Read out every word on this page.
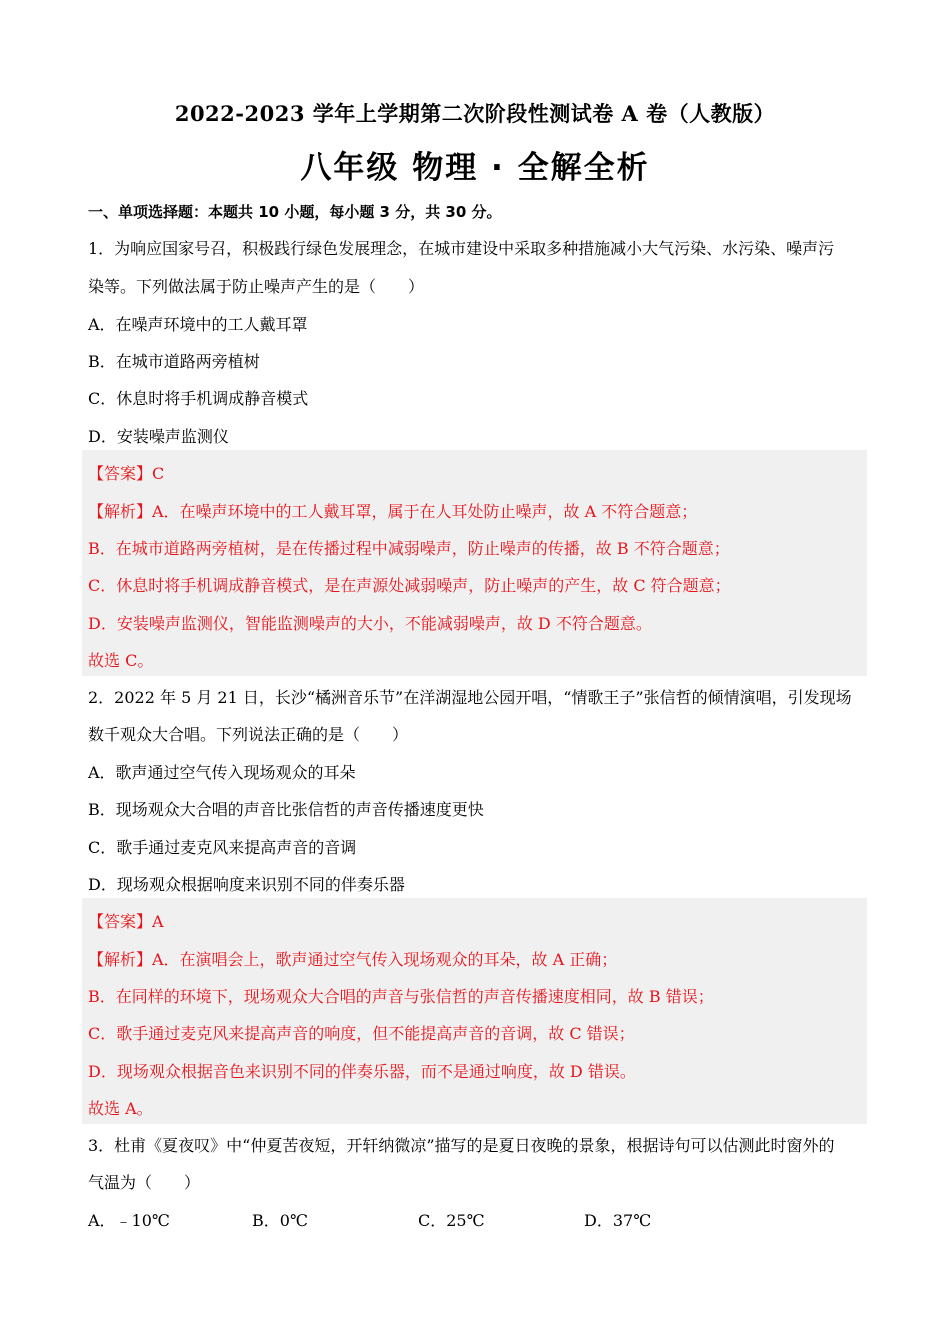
2022-2023 学年上学期第二次阶段性测试卷 A 卷（人教版）
八年级 物理 · 全解全析
一、单项选择题：本题共 10 小题，每小题 3 分，共 30 分。
1．为响应国家号召，积极践行绿色发展理念，在城市建设中采取多种措施减小大气污染、水污染、噪声污
染等。下列做法属于防止噪声产生的是（　　）
A．在噪声环境中的工人戴耳罩
B．在城市道路两旁植树
C．休息时将手机调成静音模式
D．安装噪声监测仪
【答案】C
【解析】A．在噪声环境中的工人戴耳罩，属于在人耳处防止噪声，故 A 不符合题意；
B．在城市道路两旁植树，是在传播过程中减弱噪声，防止噪声的传播，故 B 不符合题意；
C．休息时将手机调成静音模式，是在声源处减弱噪声，防止噪声的产生，故 C 符合题意；
D．安装噪声监测仪，智能监测噪声的大小，不能减弱噪声，故 D 不符合题意。
故选 C。
2．2022 年 5 月 21 日，长沙“橘洲音乐节”在洋湖湿地公园开唱，“情歌王子”张信哲的倾情演唱，引发现场
数千观众大合唱。下列说法正确的是（　　）
A．歌声通过空气传入现场观众的耳朵
B．现场观众大合唱的声音比张信哲的声音传播速度更快
C．歌手通过麦克风来提高声音的音调
D．现场观众根据响度来识别不同的伴奏乐器
【答案】A
【解析】A．在演唱会上，歌声通过空气传入现场观众的耳朵，故 A 正确；
B．在同样的环境下，现场观众大合唱的声音与张信哲的声音传播速度相同，故 B 错误；
C．歌手通过麦克风来提高声音的响度，但不能提高声音的音调，故 C 错误；
D．现场观众根据音色来识别不同的伴奏乐器，而不是通过响度，故 D 错误。
故选 A。
3．杜甫《夏夜叹》中“仲夏苦夜短，开轩纳微凉”描写的是夏日夜晚的景象，根据诗句可以估测此时窗外的
气温为（　　）
A．﹣10℃	B．0℃	C．25℃	D．37℃
